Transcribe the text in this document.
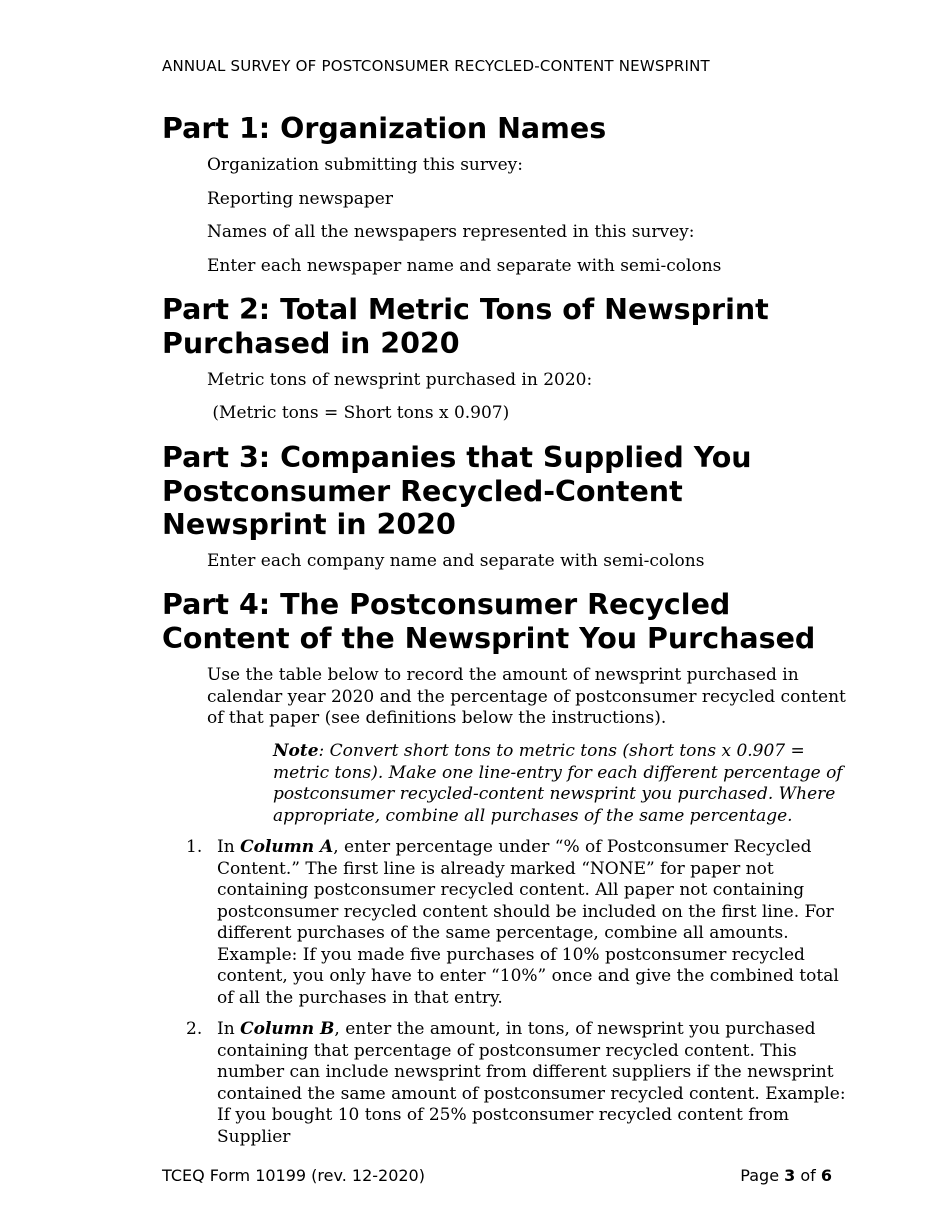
ANNUAL SURVEY OF POSTCONSUMER RECYCLED-CONTENT NEWSPRINT
Part 1: Organization Names

Organization submitting this survey:

Reporting newspaper

Names of all the newspapers represented in this survey:

Enter each newspaper name and separate with semi-colons

Part 2: Total Metric Tons of Newsprint
Purchased in 2020

Metric tons of newsprint purchased in 2020:

(Metric tons = Short tons x 0.907)

Part 3: Companies that Supplied You
Postconsumer Recycled-Content
Newsprint in 2020

Enter each company name and separate with semi-colons

Part 4: The Postconsumer Recycled
Content of the Newsprint You Purchased

Use the table below to record the amount of newsprint purchased in calendar year 2020 and the percentage of postconsumer recycled content of that paper (see definitions below the instructions).

Note: Convert short tons to metric tons (short tons x 0.907 = metric tons). Make one line-entry for each different percentage of postconsumer recycled-content newsprint you purchased. Where appropriate, combine all purchases of the same percentage.

1. In Column A, enter percentage under “% of Postconsumer Recycled Content.” The first line is already marked “NONE” for paper not containing postconsumer recycled content. All paper not containing postconsumer recycled content should be included on the first line. For different purchases of the same percentage, combine all amounts. Example: If you made five purchases of 10% postconsumer recycled content, you only have to enter “10%” once and give the combined total of all the purchases in that entry.

2. In Column B, enter the amount, in tons, of newsprint you purchased containing that percentage of postconsumer recycled content. This number can include newsprint from different suppliers if the newsprint contained the same amount of postconsumer recycled content. Example: If you bought 10 tons of 25% postconsumer recycled content from Supplier

TCEQ Form 10199 (rev. 12-2020)	Page 3 of 6
